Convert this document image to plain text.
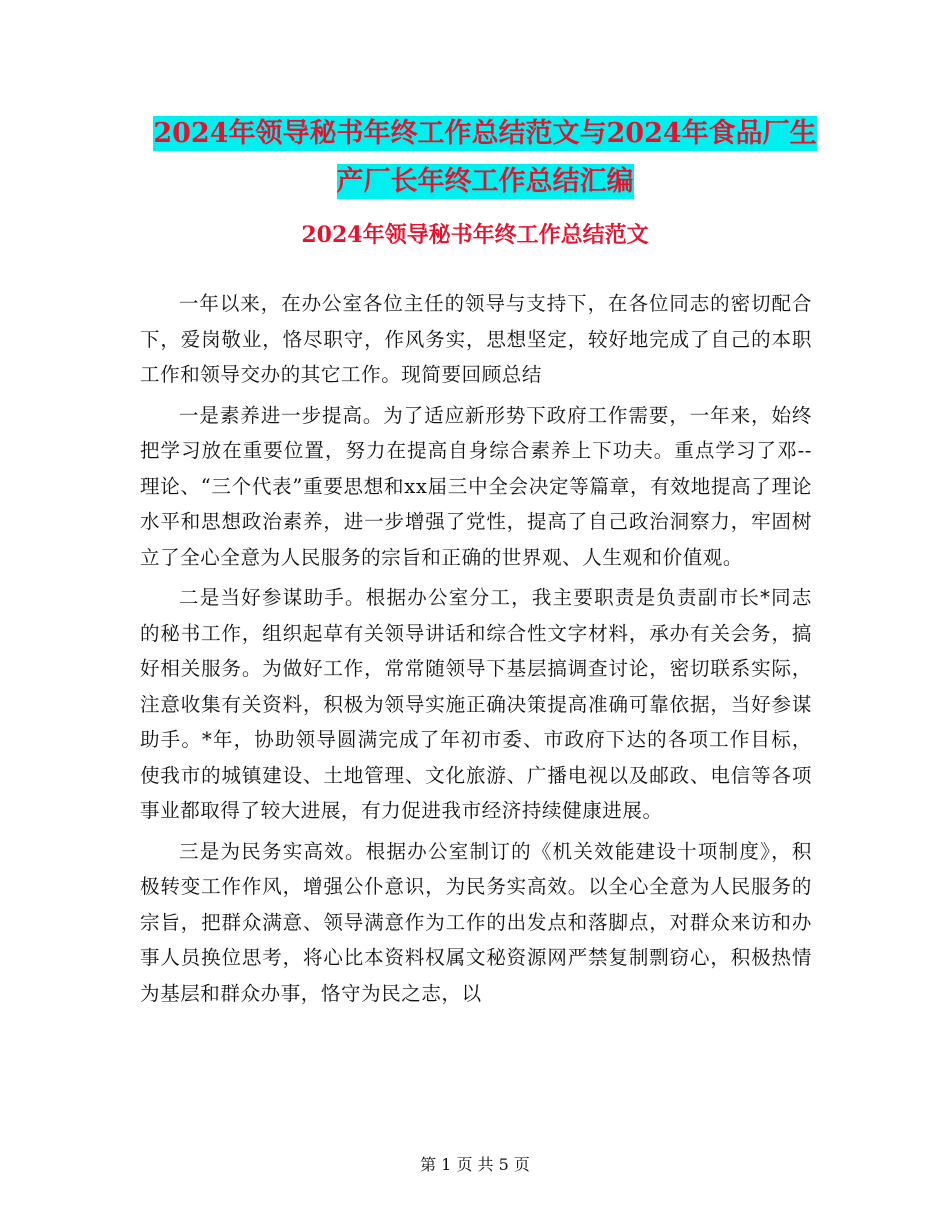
2024年领导秘书年终工作总结范文与2024年食品厂生
产厂长年终工作总结汇编
2024年领导秘书年终工作总结范文

一年以来，在办公室各位主任的领导与支持下，在各位同志的密切配合下，爱岗敬业，恪尽职守，作风务实，思想坚定，较好地完成了自己的本职工作和领导交办的其它工作。现简要回顾总结

一是素养进一步提高。为了适应新形势下政府工作需要，一年来，始终把学习放在重要位置，努力在提高自身综合素养上下功夫。重点学习了邓--理论、“三个代表”重要思想和xx届三中全会决定等篇章，有效地提高了理论水平和思想政治素养，进一步增强了党性，提高了自己政治洞察力，牢固树立了全心全意为人民服务的宗旨和正确的世界观、人生观和价值观。

二是当好参谋助手。根据办公室分工，我主要职责是负责副市长*同志的秘书工作，组织起草有关领导讲话和综合性文字材料，承办有关会务，搞好相关服务。为做好工作，常常随领导下基层搞调查讨论，密切联系实际，注意收集有关资料，积极为领导实施正确决策提高准确可靠依据，当好参谋助手。*年，协助领导圆满完成了年初市委、市政府下达的各项工作目标，使我市的城镇建设、土地管理、文化旅游、广播电视以及邮政、电信等各项事业都取得了较大进展，有力促进我市经济持续健康进展。

三是为民务实高效。根据办公室制订的《机关效能建设十项制度》，积极转变工作作风，增强公仆意识，为民务实高效。以全心全意为人民服务的宗旨，把群众满意、领导满意作为工作的出发点和落脚点，对群众来访和办事人员换位思考，将心比本资料权属文秘资源网严禁复制剽窃心，积极热情为基层和群众办事，恪守为民之志，以

第 1 页 共 5 页
